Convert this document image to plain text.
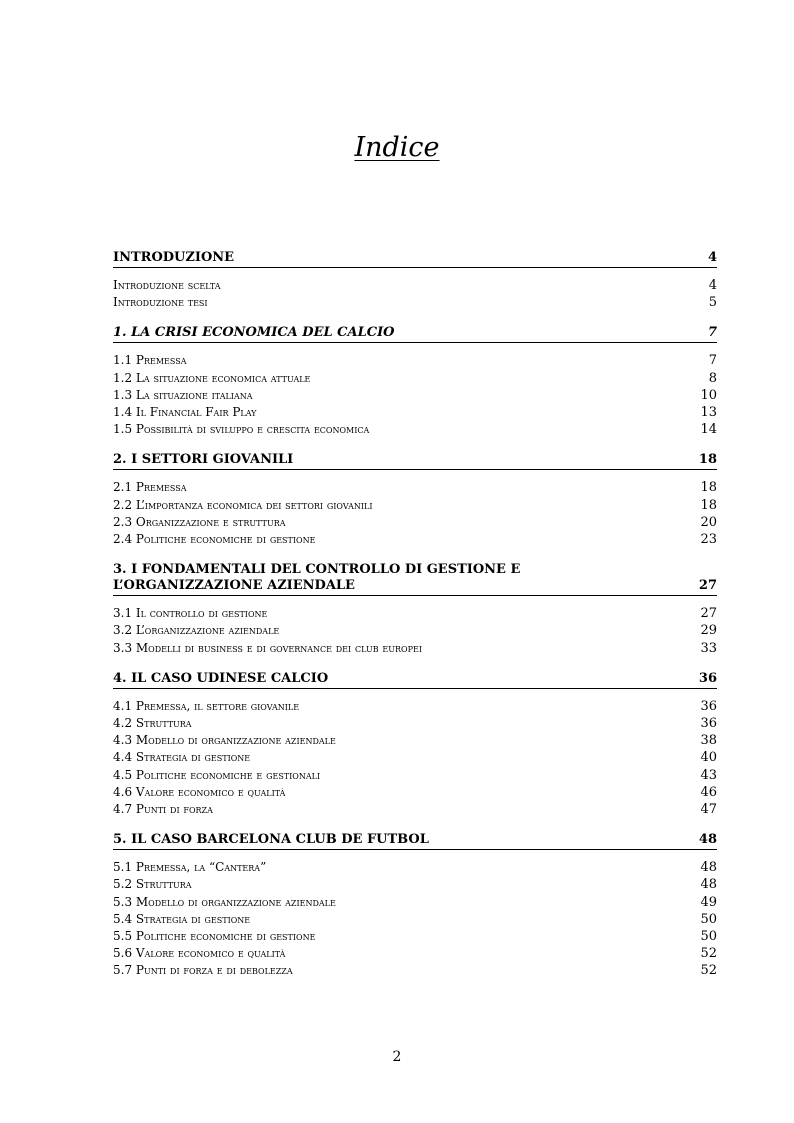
Indice
INTRODUZIONE	4
Introduzione scelta	4
Introduzione tesi	5
1. LA CRISI ECONOMICA DEL CALCIO	7
1.1 Premessa	7
1.2 La situazione economica attuale	8
1.3 La situazione italiana	10
1.4 Il Financial Fair Play	13
1.5 Possibilità di sviluppo e crescita economica	14
2. I SETTORI GIOVANILI	18
2.1 Premessa	18
2.2 L’importanza economica dei settori giovanili	18
2.3 Organizzazione e struttura	20
2.4 Politiche economiche di gestione	23
3. I FONDAMENTALI DEL CONTROLLO DI GESTIONE E L’ORGANIZZAZIONE AZIENDALE	27
3.1 Il controllo di gestione	27
3.2 L’organizzazione aziendale	29
3.3 Modelli di business e di governance dei club europei	33
4. IL CASO UDINESE CALCIO	36
4.1 Premessa, il settore giovanile	36
4.2 Struttura	36
4.3 Modello di organizzazione aziendale	38
4.4 Strategia di gestione	40
4.5 Politiche economiche e gestionali	43
4.6 Valore economico e qualità	46
4.7 Punti di forza	47
5. IL CASO BARCELONA CLUB DE FUTBOL	48
5.1 Premessa, la “Cantera”	48
5.2 Struttura	48
5.3 Modello di organizzazione aziendale	49
5.4 Strategia di gestione	50
5.5 Politiche economiche di gestione	50
5.6 Valore economico e qualità	52
5.7 Punti di forza e di debolezza	52
2
